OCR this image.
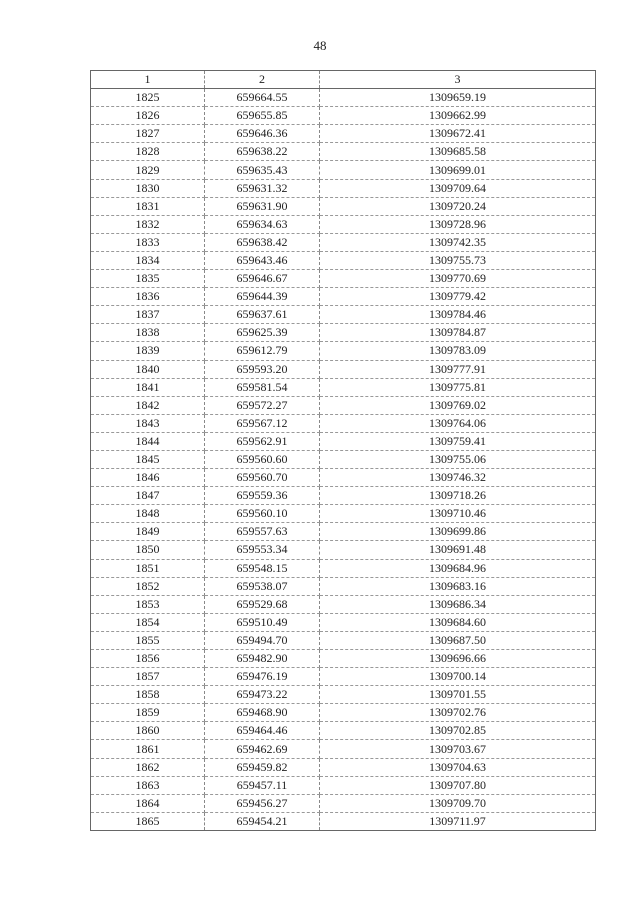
48
1	2	3
1825	659664.55	1309659.19
1826	659655.85	1309662.99
1827	659646.36	1309672.41
1828	659638.22	1309685.58
1829	659635.43	1309699.01
1830	659631.32	1309709.64
1831	659631.90	1309720.24
1832	659634.63	1309728.96
1833	659638.42	1309742.35
1834	659643.46	1309755.73
1835	659646.67	1309770.69
1836	659644.39	1309779.42
1837	659637.61	1309784.46
1838	659625.39	1309784.87
1839	659612.79	1309783.09
1840	659593.20	1309777.91
1841	659581.54	1309775.81
1842	659572.27	1309769.02
1843	659567.12	1309764.06
1844	659562.91	1309759.41
1845	659560.60	1309755.06
1846	659560.70	1309746.32
1847	659559.36	1309718.26
1848	659560.10	1309710.46
1849	659557.63	1309699.86
1850	659553.34	1309691.48
1851	659548.15	1309684.96
1852	659538.07	1309683.16
1853	659529.68	1309686.34
1854	659510.49	1309684.60
1855	659494.70	1309687.50
1856	659482.90	1309696.66
1857	659476.19	1309700.14
1858	659473.22	1309701.55
1859	659468.90	1309702.76
1860	659464.46	1309702.85
1861	659462.69	1309703.67
1862	659459.82	1309704.63
1863	659457.11	1309707.80
1864	659456.27	1309709.70
1865	659454.21	1309711.97
